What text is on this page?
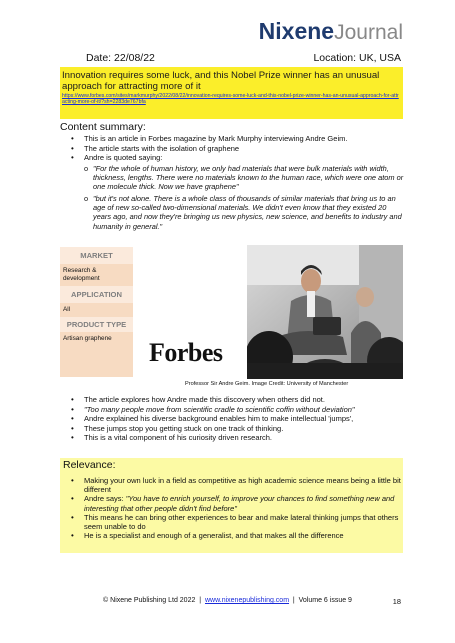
NixeneJournal
Date: 22/08/22	Location: UK, USA
Innovation requires some luck, and this Nobel Prize winner has an unusual approach for attracting more of it
https://www.forbes.com/sites/markmurphy/2022/08/22/innovation-requires-some-luck-and-this-nobel-prize-winner-has-an-unusual-approach-for-attracting-more-of-it/?sh=2283de767bfa
Content summary:
• This is an article in Forbes magazine by Mark Murphy interviewing Andre Geim.
• The article starts with the isolation of graphene
• Andre is quoted saying:
o "For the whole of human history, we only had materials that were bulk materials with width, thickness, lengths. There were no materials known to the human race, which were one atom or one molecule thick. Now we have graphene"
o "but it's not alone. There is a whole class of thousands of similar materials that bring us to an age of new so-called two-dimensional materials. We didn't even know that they existed 20 years ago, and now they're bringing us new physics, new science, and benefits to industry and humanity in general."
MARKET
Research & development
APPLICATION
All
PRODUCT TYPE
Artisan graphene	Forbes
Professor Sir Andre Geim. Image Credit: University of Manchester
• The article explores how Andre made this discovery when others did not.
• "Too many people move from scientific cradle to scientific coffin without deviation"
• Andre explained his diverse background enables him to make intellectual 'jumps',
• These jumps stop you getting stuck on one track of thinking.
• This is a vital component of his curiosity driven research.
Relevance:
• Making your own luck in a field as competitive as high academic science means being a little bit different
• Andre says: "You have to enrich yourself, to improve your chances to find something new and interesting that other people didn't find before"
• This means he can bring other experiences to bear and make lateral thinking jumps that others seem unable to do
• He is a specialist and enough of a generalist, and that makes all the difference
© Nixene Publishing Ltd 2022 | www.nixenepublishing.com | Volume 6 issue 9	18
